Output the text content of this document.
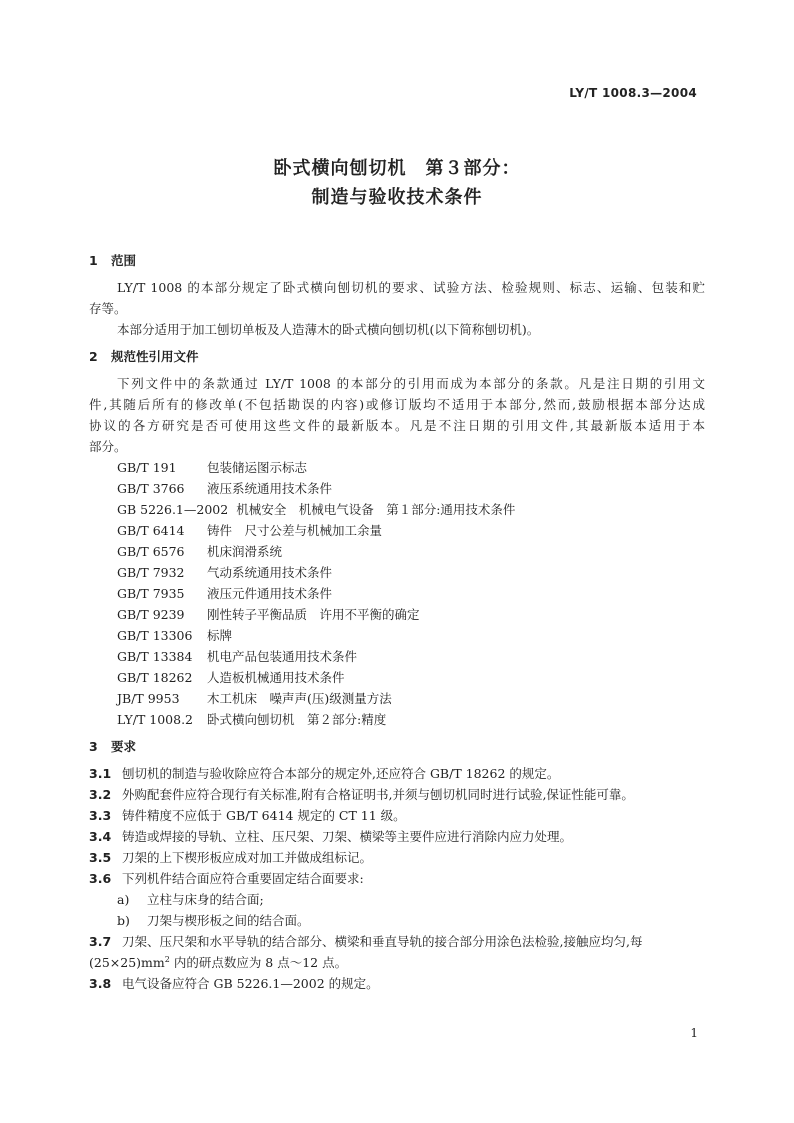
LY/T 1008.3—2004
卧式横向刨切机　第３部分：
制造与验收技术条件
1 范围
LY/T 1008 的本部分规定了卧式横向刨切机的要求、试验方法、检验规则、标志、运输、包装和贮
存等。
本部分适用于加工刨切单板及人造薄木的卧式横向刨切机(以下简称刨切机)。
2 规范性引用文件
下列文件中的条款通过 LY/T 1008 的本部分的引用而成为本部分的条款。凡是注日期的引用文
件,其随后所有的修改单(不包括勘误的内容)或修订版均不适用于本部分,然而,鼓励根据本部分达成
协议的各方研究是否可使用这些文件的最新版本。凡是不注日期的引用文件,其最新版本适用于本
部分。
GB/T 191 包装储运图示标志
GB/T 3766 液压系统通用技术条件
GB 5226.1—2002 机械安全　机械电气设备　第１部分:通用技术条件
GB/T 6414 铸件　尺寸公差与机械加工余量
GB/T 6576 机床润滑系统
GB/T 7932 气动系统通用技术条件
GB/T 7935 液压元件通用技术条件
GB/T 9239 刚性转子平衡品质　许用不平衡的确定
GB/T 13306 标牌
GB/T 13384 机电产品包装通用技术条件
GB/T 18262 人造板机械通用技术条件
JB/T 9953 木工机床　噪声声(压)级测量方法
LY/T 1008.2 卧式横向刨切机　第２部分:精度
3 要求
3.1 刨切机的制造与验收除应符合本部分的规定外,还应符合 GB/T 18262 的规定。
3.2 外购配套件应符合现行有关标准,附有合格证明书,并须与刨切机同时进行试验,保证性能可靠。
3.3 铸件精度不应低于 GB/T 6414 规定的 CT 11 级。
3.4 铸造或焊接的导轨、立柱、压尺架、刀架、横梁等主要件应进行消除内应力处理。
3.5 刀架的上下楔形板应成对加工并做成组标记。
3.6 下列机件结合面应符合重要固定结合面要求:
a) 立柱与床身的结合面;
b) 刀架与楔形板之间的结合面。
3.7 刀架、压尺架和水平导轨的结合部分、横梁和垂直导轨的接合部分用涂色法检验,接触应均匀,每
$(25\times 25)mm^2$ 内的研点数应为 8 点～12 点。
3.8 电气设备应符合 GB 5226.1—2002 的规定。
1
